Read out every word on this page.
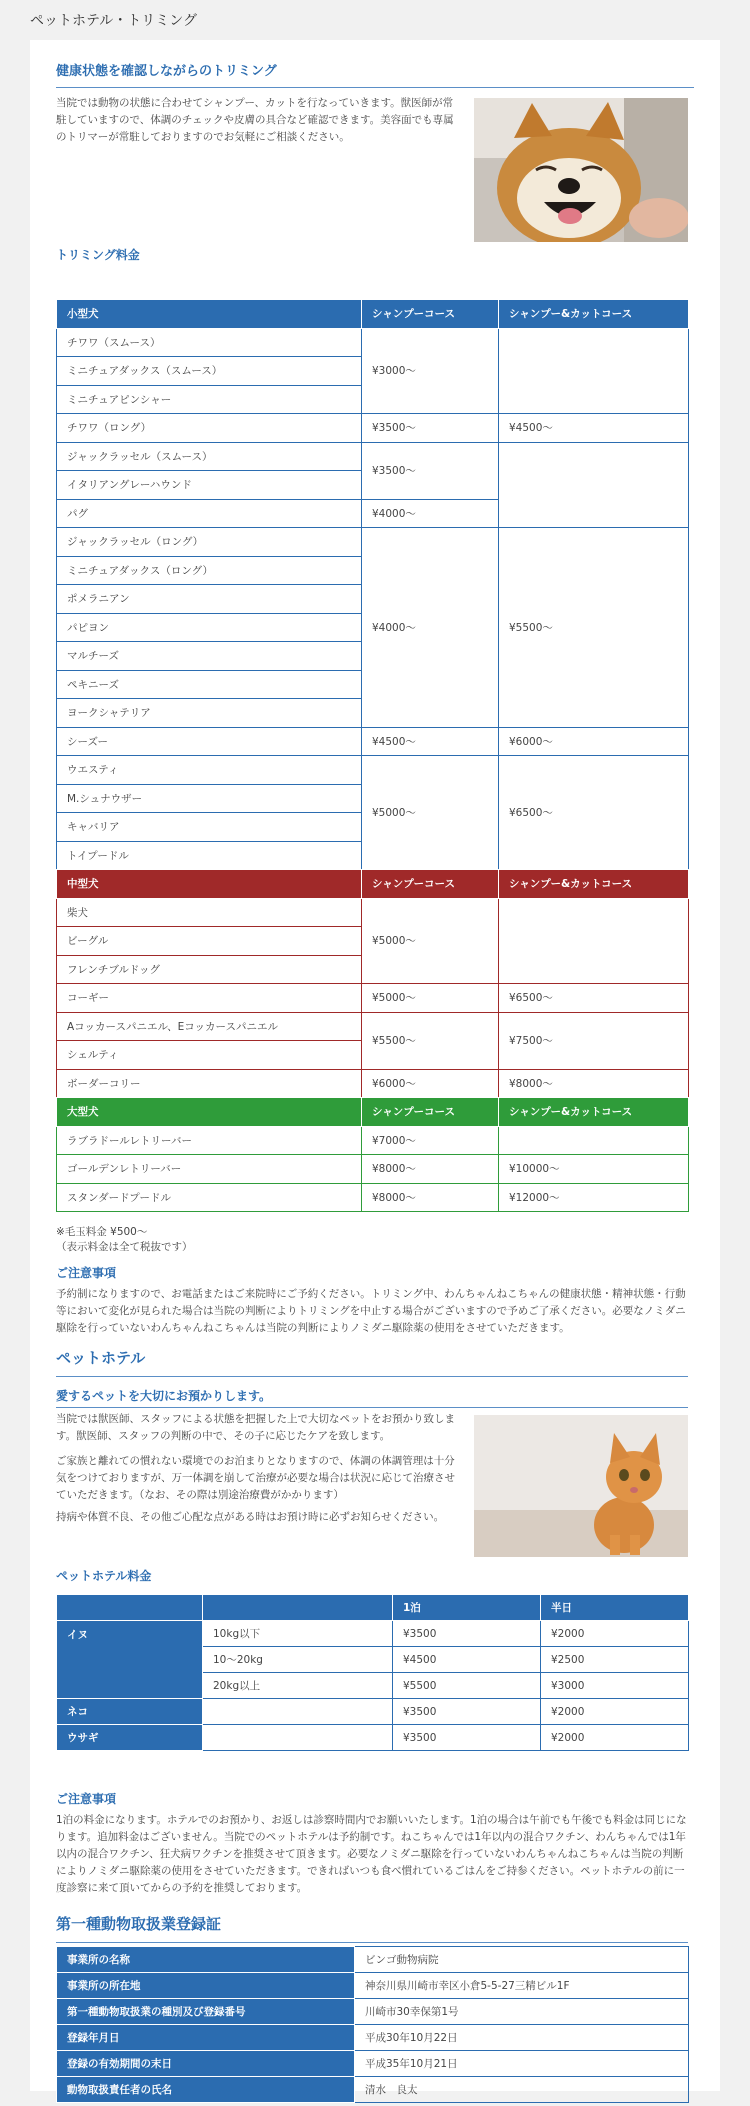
ペットホテル・トリミング
健康状態を確認しながらのトリミング

当院では動物の状態に合わせてシャンプー、カットを行なっていきます。獣医師が常駐していますので、体調のチェックや皮膚の具合など確認できます。美容面でも専属のトリマーが常駐しておりますのでお気軽にご相談ください。

トリミング料金
小型犬	シャンプーコース	シャンプー&カットコース
チワワ（スムース）	¥3000～	
ミニチュアダックス（スムース）		
ミニチュアピンシャー		
チワワ（ロング）	¥3500～	¥4500～
ジャックラッセル（スムース）	¥3500～	
イタリアングレーハウンド		
パグ	¥4000～	
ジャックラッセル（ロング）	¥4000～	¥5500～
ミニチュアダックス（ロング）		
ポメラニアン		
パピヨン		
マルチーズ		
ペキニーズ		
ヨークシャテリア		
シーズー	¥4500～	¥6000～
ウエスティ	¥5000～	¥6500～
M.シュナウザー		
キャバリア		
トイプードル		
中型犬	シャンプーコース	シャンプー&カットコース
柴犬	¥5000～	
ビーグル		
フレンチブルドッグ		
コーギー	¥5000～	¥6500～
Aコッカースパニエル、Eコッカースパニエル	¥5500～	¥7500～
シェルティ		
ボーダーコリー	¥6000～	¥8000～
大型犬	シャンプーコース	シャンプー&カットコース
ラブラドールレトリーバー	¥7000～	
ゴールデンレトリーバー	¥8000～	¥10000～
スタンダードプードル	¥8000～	¥12000～

※毛玉料金 ¥500～
（表示料金は全て税抜です）

ご注意事項

予約制になりますので、お電話またはご来院時にご予約ください。トリミング中、わんちゃんねこちゃんの健康状態・精神状態・行動等において変化が見られた場合は当院の判断によりトリミングを中止する場合がございますので予めご了承ください。必要なノミダニ駆除を行っていないわんちゃんねこちゃんは当院の判断によりノミダニ駆除薬の使用をさせていただきます。

ペットホテル
愛するペットを大切にお預かりします。

当院では獣医師、スタッフによる状態を把握した上で大切なペットをお預かり致します。獣医師、スタッフの判断の中で、その子に応じたケアを致します。

ご家族と離れての慣れない環境でのお泊まりとなりますので、体調の体調管理は十分気をつけておりますが、万一体調を崩して治療が必要な場合は状況に応じて治療させていただきます。（なお、その際は別途治療費がかかります）

持病や体質不良、その他ご心配な点がある時はお預け時に必ずお知らせください。

ペットホテル料金
		1泊	半日
イヌ	10kg以下	¥3500	¥2000
	10～20kg	¥4500	¥2500
	20kg以上	¥5500	¥3000
ネコ		¥3500	¥2000
ウサギ		¥3500	¥2000
ご注意事項

1泊の料金になります。ホテルでのお預かり、お返しは診察時間内でお願いいたします。1泊の場合は午前でも午後でも料金は同じになります。追加料金はございません。当院でのペットホテルは予約制です。ねこちゃんでは1年以内の混合ワクチン、わんちゃんでは1年以内の混合ワクチン、狂犬病ワクチンを推奨させて頂きます。必要なノミダニ駆除を行っていないわんちゃんねこちゃんは当院の判断によりノミダニ駆除薬の使用をさせていただきます。できればいつも食べ慣れているごはんをご持参ください。ペットホテルの前に一度診察に来て頂いてからの予約を推奨しております。

第一種動物取扱業登録証
事業所の名称	ビンゴ動物病院
事業所の所在地	神奈川県川崎市幸区小倉5-5-27三精ビル1F
第一種動物取扱業の種別及び登録番号	川崎市30幸保第1号
登録年月日	平成30年10月22日
登録の有効期間の末日	平成35年10月21日
動物取扱責任者の氏名	清水　良太
